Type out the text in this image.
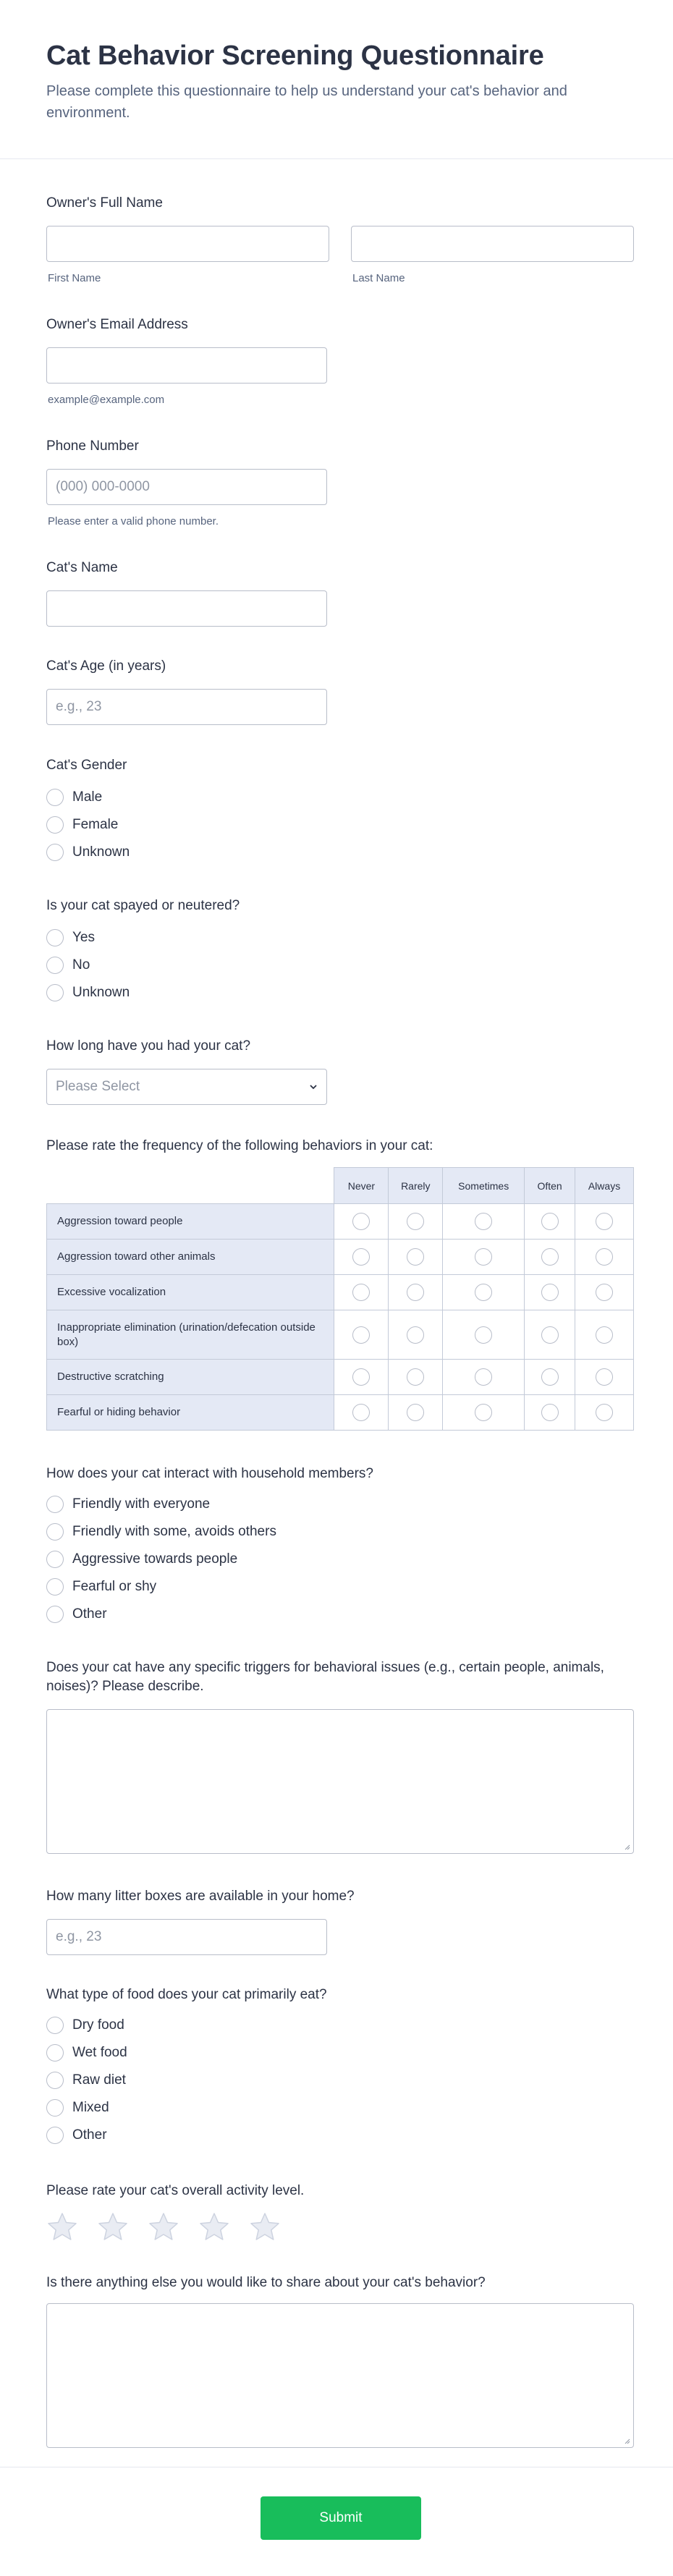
Cat Behavior Screening Questionnaire

Please complete this questionnaire to help us understand your cat's behavior and environment.

Owner's Full Name
First Name	Last Name
Owner's Email Address
example@example.com
Phone Number
(000) 000-0000
Please enter a valid phone number.
Cat's Name
Cat's Age (in years)
e.g., 23
Cat's Gender
Male
Female
Unknown
Is your cat spayed or neutered?
Yes
No
Unknown
How long have you had your cat?
Please Select
Please rate the frequency of the following behaviors in your cat:
	Never	Rarely	Sometimes	Often	Always
Aggression toward people					
Aggression toward other animals					
Excessive vocalization					
Inappropriate elimination (urination/defecation outside box)					
Destructive scratching					
Fearful or hiding behavior					
How does your cat interact with household members?
Friendly with everyone
Friendly with some, avoids others
Aggressive towards people
Fearful or shy
Other
Does your cat have any specific triggers for behavioral issues (e.g., certain people, animals, noises)? Please describe.
How many litter boxes are available in your home?
e.g., 23
What type of food does your cat primarily eat?
Dry food
Wet food
Raw diet
Mixed
Other
Please rate your cat's overall activity level.
Is there anything else you would like to share about your cat's behavior?
Submit
